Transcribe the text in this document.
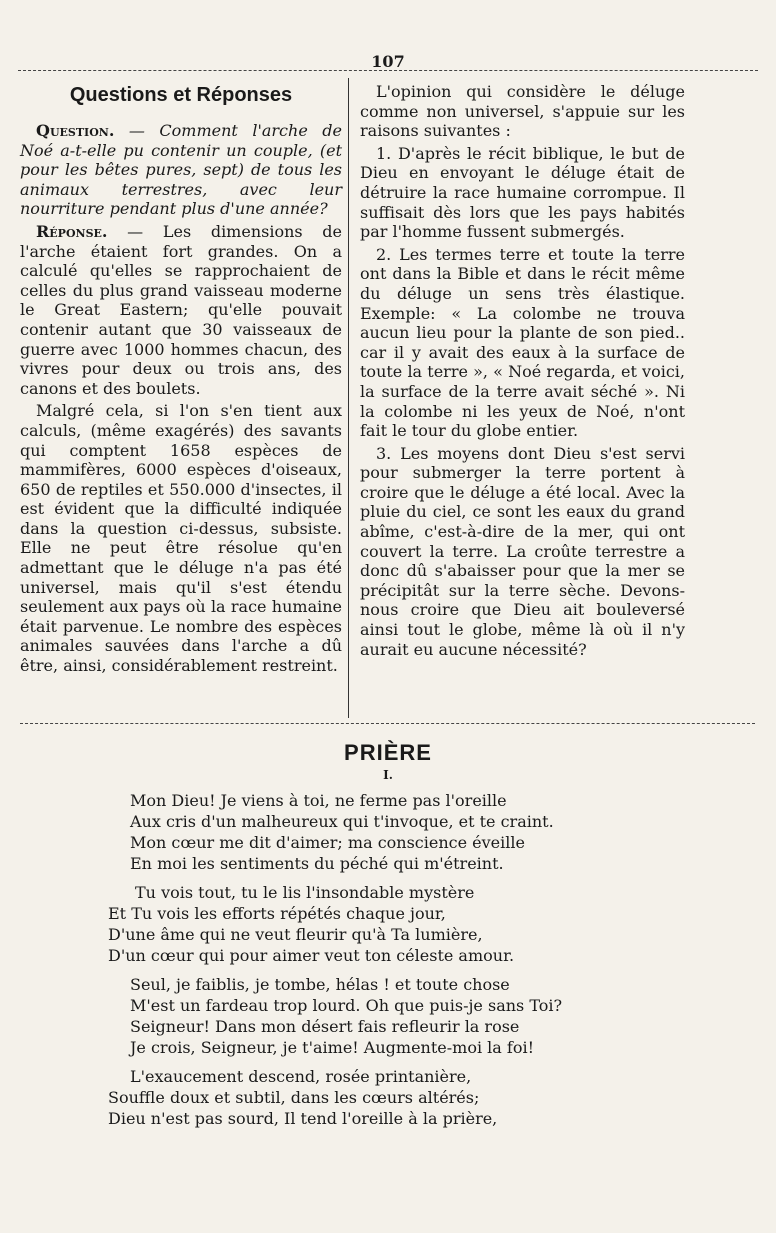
107
Questions et Réponses

Question. — Comment l'arche de Noé a-t-elle pu contenir un couple, (et pour les bêtes pures, sept) de tous les animaux terrestres, avec leur nourriture pendant plus d'une année?

Réponse. — Les dimensions de l'arche étaient fort grandes. On a calculé qu'elles se rapprochaient de celles du plus grand vaisseau moderne le Great Eastern; qu'elle pouvait contenir autant que 30 vaisseaux de guerre avec 1000 hommes chacun, des vivres pour deux ou trois ans, des canons et des boulets.

Malgré cela, si l'on s'en tient aux calculs, (même exagérés) des savants qui comptent 1658 espèces de mammifères, 6000 espèces d'oiseaux, 650 de reptiles et 550.000 d'insectes, il est évident que la difficulté indiquée dans la question ci-dessus, subsiste. Elle ne peut être résolue qu'en admettant que le déluge n'a pas été universel, mais qu'il s'est étendu seulement aux pays où la race humaine était parvenue. Le nombre des espèces animales sauvées dans l'arche a dû être, ainsi, considérablement restreint.

L'opinion qui considère le déluge comme non universel, s'appuie sur les raisons suivantes :

1. D'après le récit biblique, le but de Dieu en envoyant le déluge était de détruire la race humaine corrompue. Il suffisait dès lors que les pays habités par l'homme fussent submergés.

2. Les termes terre et toute la terre ont dans la Bible et dans le récit même du déluge un sens très élastique. Exemple: « La colombe ne trouva aucun lieu pour la plante de son pied.. car il y avait des eaux à la surface de toute la terre », « Noé regarda, et voici, la surface de la terre avait séché ». Ni la colombe ni les yeux de Noé, n'ont fait le tour du globe entier.

3. Les moyens dont Dieu s'est servi pour submerger la terre portent à croire que le déluge a été local. Avec la pluie du ciel, ce sont les eaux du grand abîme, c'est-à-dire de la mer, qui ont couvert la terre. La croûte terrestre a donc dû s'abaisser pour que la mer se précipitât sur la terre sèche. Devons-nous croire que Dieu ait bouleversé ainsi tout le globe, même là où il n'y aurait eu aucune nécessité?

PRIÈRE
I.
Mon Dieu! Je viens à toi, ne ferme pas l'oreille
Aux cris d'un malheureux qui t'invoque, et te craint.
Mon cœur me dit d'aimer; ma conscience éveille
En moi les sentiments du péché qui m'étreint.
Tu vois tout, tu le lis l'insondable mystère
Et Tu vois les efforts répétés chaque jour,
D'une âme qui ne veut fleurir qu'à Ta lumière,
D'un cœur qui pour aimer veut ton céleste amour.
Seul, je faiblis, je tombe, hélas ! et toute chose
M'est un fardeau trop lourd. Oh que puis-je sans Toi?
Seigneur! Dans mon désert fais refleurir la rose
Je crois, Seigneur, je t'aime! Augmente-moi la foi!
L'exaucement descend, rosée printanière,
Souffle doux et subtil, dans les cœurs altérés;
Dieu n'est pas sourd, Il tend l'oreille à la prière,
